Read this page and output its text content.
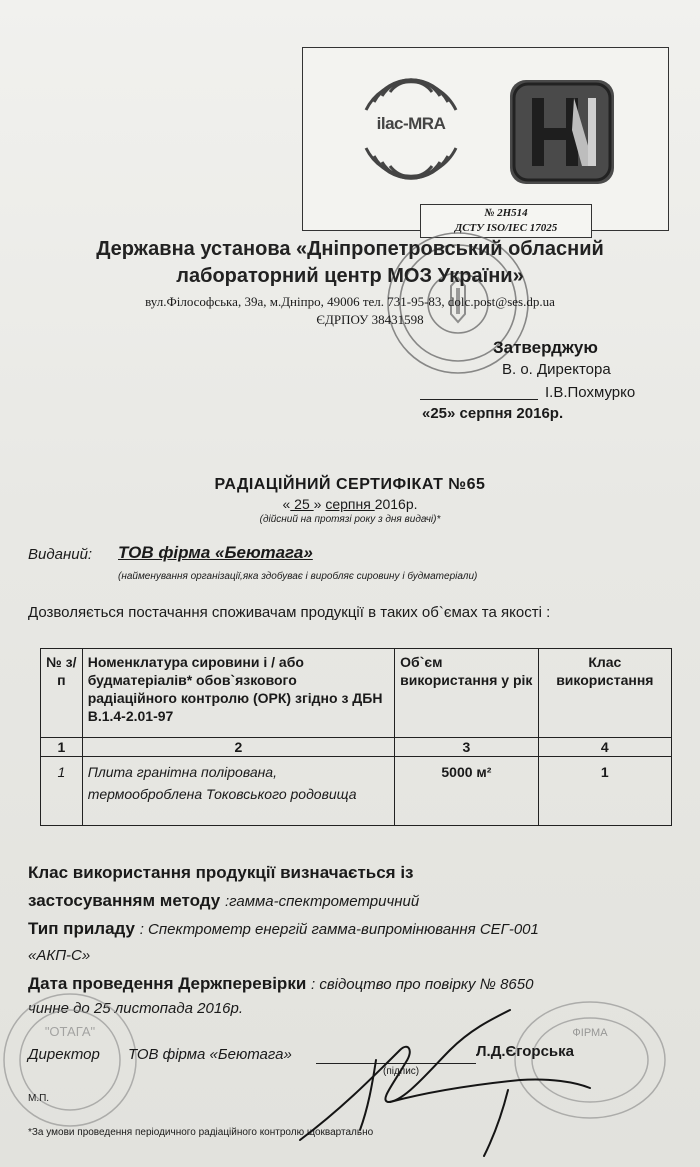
ilac-MRA
№ 2Н514
ДСТУ ISO/IEC 17025
Державна установа «Дніпропетровський обласний
лабораторний центр МОЗ України»
вул.Філософська, 39а, м.Дніпро, 49006 тел. 731-95-83, dolc.post@ses.dp.ua
ЄДРПОУ 38431598
Затверджую
В. о. Директора
І.В.Похмурко
«25» серпня 2016р.
РАДІАЦІЙНИЙ СЕРТИФІКАТ №65
« 25 » серпня 2016р.
(дійсний на протязі року з дня видачі)*
Виданий: ТОВ фірма «Беютага»
(найменування організації,яка здобуває і виробляє сировину і будматеріали)
Дозволяється постачання споживачам продукції в таких об`ємах та якості :
№ з/п	Номенклатура сировини і / або будматеріалів* обов`язкового радіаційного контролю (ОРК) згідно з ДБН В.1.4-2.01-97	Об`єм використання у рік	Клас використання
1	2	3	4
1	Плита гранітна полірована, термооброблена Токовського родовища	5000 м²	1
Клас використання продукції визначається із
застосуванням методу :гамма-спектрометричний
Тип приладу : Спектрометр енергій гамма-випромінювання СЕГ-001
«АКП-С»
Дата проведення Держперевірки : свідоцтво про повірку № 8650
чинне до 25 листопада 2016р.
"ОТАГА"	ФІРМА
Директор ТОВ фірма «Беютага»	Л.Д.Єгорська
(підпис)
М.П.
*За умови проведення періодичного радіаційного контролю щоквартально
